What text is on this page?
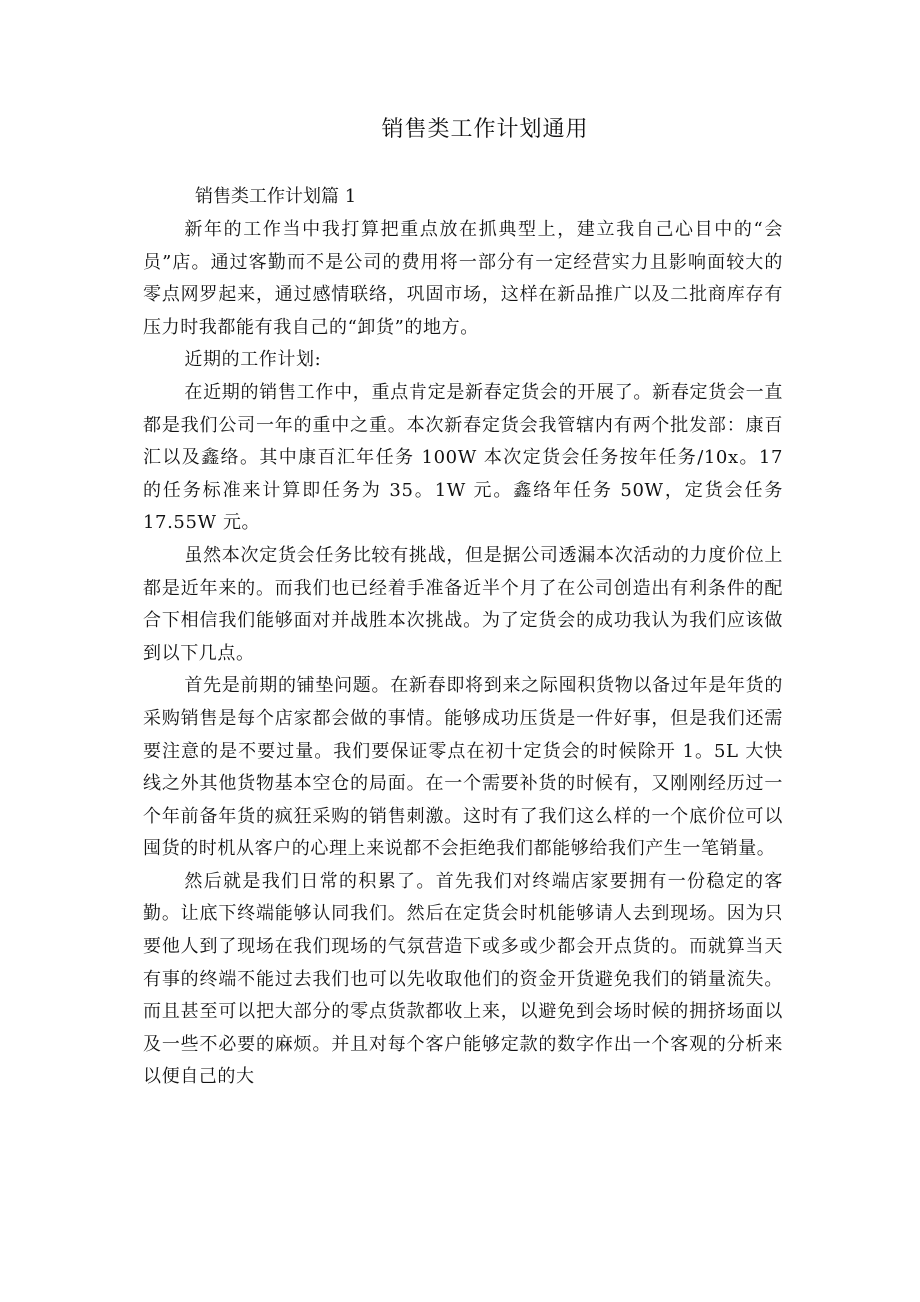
销售类工作计划通用

销售类工作计划篇 1

新年的工作当中我打算把重点放在抓典型上，建立我自己心目中的“会员”店。通过客勤而不是公司的费用将一部分有一定经营实力且影响面较大的零点网罗起来，通过感情联络，巩固市场，这样在新品推广以及二批商库存有压力时我都能有我自己的“卸货”的地方。

近期的工作计划:

在近期的销售工作中，重点肯定是新春定货会的开展了。新春定货会一直都是我们公司一年的重中之重。本次新春定货会我管辖内有两个批发部：康百汇以及鑫络。其中康百汇年任务 100W 本次定货会任务按年任务/10x。17 的任务标准来计算即任务为 35。1W 元。鑫络年任务 50W，定货会任务 17.55W 元。

虽然本次定货会任务比较有挑战，但是据公司透漏本次活动的力度价位上都是近年来的。而我们也已经着手准备近半个月了在公司创造出有利条件的配合下相信我们能够面对并战胜本次挑战。为了定货会的成功我认为我们应该做到以下几点。

首先是前期的铺垫问题。在新春即将到来之际囤积货物以备过年是年货的采购销售是每个店家都会做的事情。能够成功压货是一件好事，但是我们还需要注意的是不要过量。我们要保证零点在初十定货会的时候除开 1。5L 大快线之外其他货物基本空仓的局面。在一个需要补货的时候有，又刚刚经历过一个年前备年货的疯狂采购的销售刺激。这时有了我们这么样的一个底价位可以囤货的时机从客户的心理上来说都不会拒绝我们都能够给我们产生一笔销量。

然后就是我们日常的积累了。首先我们对终端店家要拥有一份稳定的客勤。让底下终端能够认同我们。然后在定货会时机能够请人去到现场。因为只要他人到了现场在我们现场的气氛营造下或多或少都会开点货的。而就算当天有事的终端不能过去我们也可以先收取他们的资金开货避免我们的销量流失。而且甚至可以把大部分的零点货款都收上来，以避免到会场时候的拥挤场面以及一些不必要的麻烦。并且对每个客户能够定款的数字作出一个客观的分析来以便自己的大
